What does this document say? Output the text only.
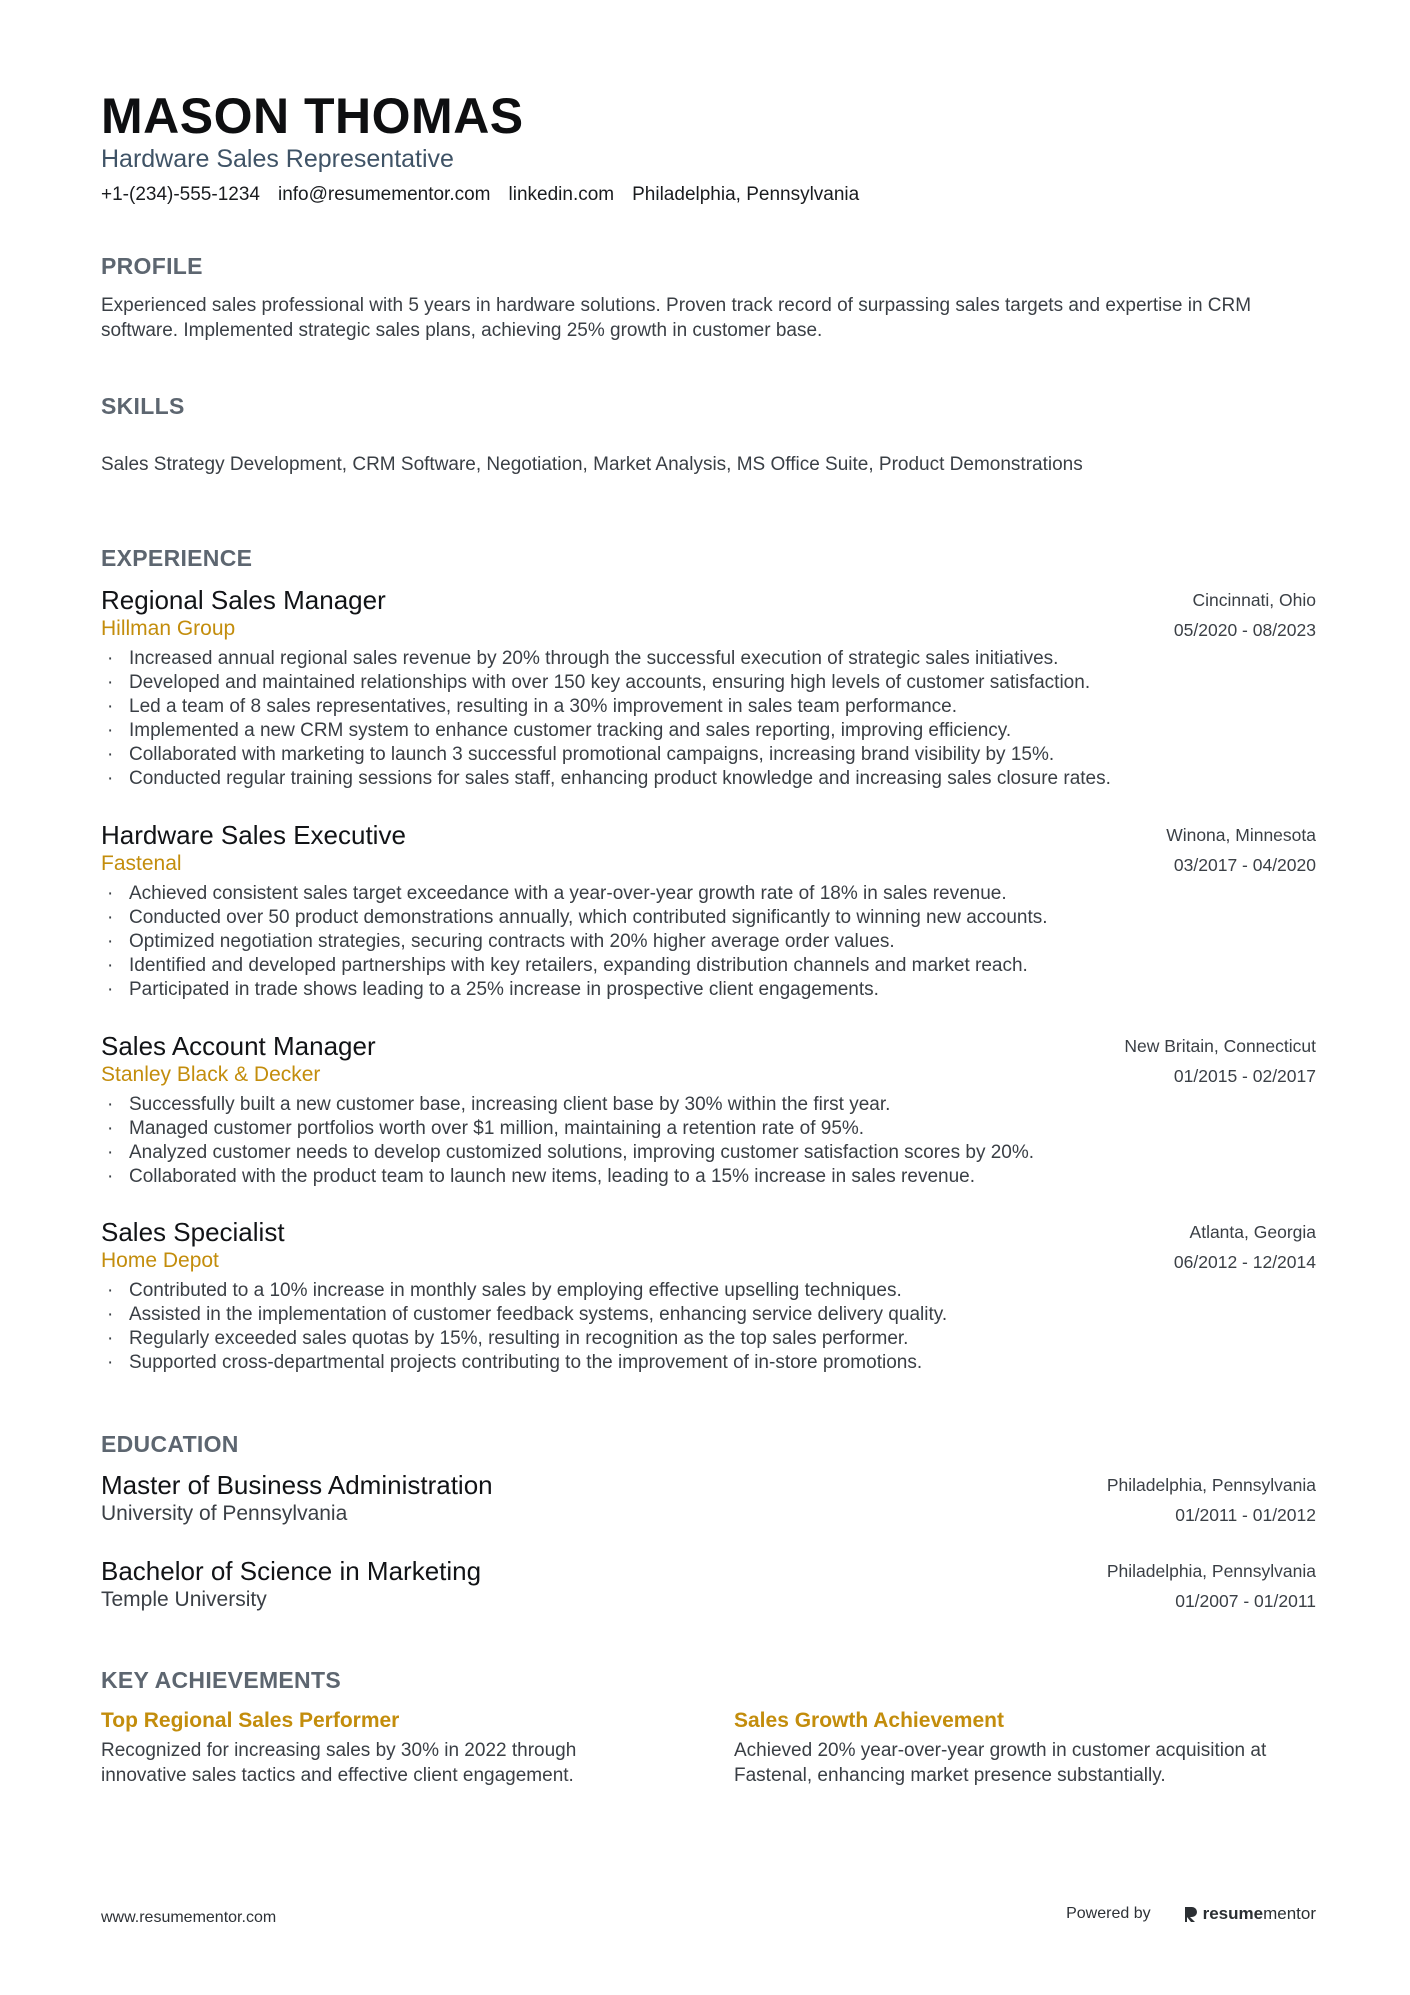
MASON THOMAS
Hardware Sales Representative
+1-(234)-555-1234 info@resumementor.com linkedin.com Philadelphia, Pennsylvania
PROFILE
Experienced sales professional with 5 years in hardware solutions. Proven track record of surpassing sales targets and expertise in CRM software. Implemented strategic sales plans, achieving 25% growth in customer base.
SKILLS
Sales Strategy Development, CRM Software, Negotiation, Market Analysis, MS Office Suite, Product Demonstrations
EXPERIENCE
Regional Sales Manager
Hillman Group
Cincinnati, Ohio
05/2020 - 08/2023
· Increased annual regional sales revenue by 20% through the successful execution of strategic sales initiatives.
· Developed and maintained relationships with over 150 key accounts, ensuring high levels of customer satisfaction.
· Led a team of 8 sales representatives, resulting in a 30% improvement in sales team performance.
· Implemented a new CRM system to enhance customer tracking and sales reporting, improving efficiency.
· Collaborated with marketing to launch 3 successful promotional campaigns, increasing brand visibility by 15%.
· Conducted regular training sessions for sales staff, enhancing product knowledge and increasing sales closure rates.
Hardware Sales Executive
Fastenal
Winona, Minnesota
03/2017 - 04/2020
· Achieved consistent sales target exceedance with a year-over-year growth rate of 18% in sales revenue.
· Conducted over 50 product demonstrations annually, which contributed significantly to winning new accounts.
· Optimized negotiation strategies, securing contracts with 20% higher average order values.
· Identified and developed partnerships with key retailers, expanding distribution channels and market reach.
· Participated in trade shows leading to a 25% increase in prospective client engagements.
Sales Account Manager
Stanley Black & Decker
New Britain, Connecticut
01/2015 - 02/2017
· Successfully built a new customer base, increasing client base by 30% within the first year.
· Managed customer portfolios worth over $1 million, maintaining a retention rate of 95%.
· Analyzed customer needs to develop customized solutions, improving customer satisfaction scores by 20%.
· Collaborated with the product team to launch new items, leading to a 15% increase in sales revenue.
Sales Specialist
Home Depot
Atlanta, Georgia
06/2012 - 12/2014
· Contributed to a 10% increase in monthly sales by employing effective upselling techniques.
· Assisted in the implementation of customer feedback systems, enhancing service delivery quality.
· Regularly exceeded sales quotas by 15%, resulting in recognition as the top sales performer.
· Supported cross-departmental projects contributing to the improvement of in-store promotions.
EDUCATION
Master of Business Administration
University of Pennsylvania
Philadelphia, Pennsylvania
01/2011 - 01/2012
Bachelor of Science in Marketing
Temple University
Philadelphia, Pennsylvania
01/2007 - 01/2011
KEY ACHIEVEMENTS
Top Regional Sales Performer
Recognized for increasing sales by 30% in 2022 through innovative sales tactics and effective client engagement.
Sales Growth Achievement
Achieved 20% year-over-year growth in customer acquisition at Fastenal, enhancing market presence substantially.
www.resumementor.com	Powered by	resume mentor
